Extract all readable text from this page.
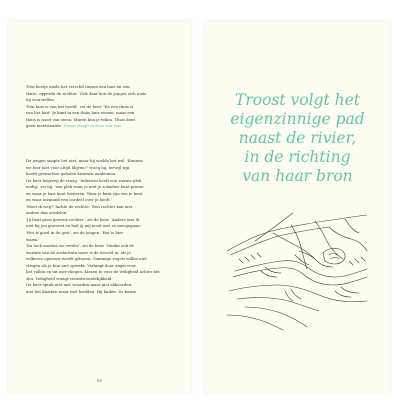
'Een beetje mode het verschil tussen een huis en een

thuis', opperde de rechter. 'Ook daar kon de jongen zich niets

bij voorstellen.

'Een huis is van het hoofd', zei de beer. 'En een thuis is

van het hart. Je kunt in een thuis huis wonen, maar een

thuis is nooit van steen. Muren kun je tellen. Thuis kent

geen meetwaarde. Troost slaapt in deze van ruis.

De jongen snapte het niet, maar hij voelde het wel. 'Kunnen

we hier niet voor altijd blijven?' vroeg hij, terwijl zijn

hoofd grenzeloos geholen kwamen aanleunen.

De beer begreep de vraag. 'Iedereen heeft een warme plek

nodig', zei hij, 'een plek waar je met je schaduw kunt praten

en waar je hart kunt luisteren. Waar je kunt zijn wie je bent

en waar niemand een oordeel over je heeft.'

'Moet ik weg?' lachte de rechter. 'Een rechter kan niet

anders dan oordelen.'

'Jij bent geen gewone rechter', zei de beer. 'Anders was ik

niet bij jou geweest en had jij mij nooit met zo meegegaan.'

'Het is goed in de grot', zei de jongen. 'Het is hier

warm.'

'En toch moeten we verder', zei de beer. 'Omdat ook de

warmte van de zoekertuin meer is de wereld in, als je

volkeren opnieuw wordt geboren. Sommige vogels willen niet

vliegen als je hun niet spreekt. Verlangt door angst voor

het vallen en uit niet-vliegen. Kiezen te voor de veiligheid achter het

slot. Veiligheid vraagt verantwoordelijkheid.'

De beer sprak niet met woorden maar met akkoorden,

met het klanken maar met beelden. Hij knikte. Zo kwam

65
Troost volgt het
eigenzinnige pad
naast de rivier,
in de richting
van haar bron
